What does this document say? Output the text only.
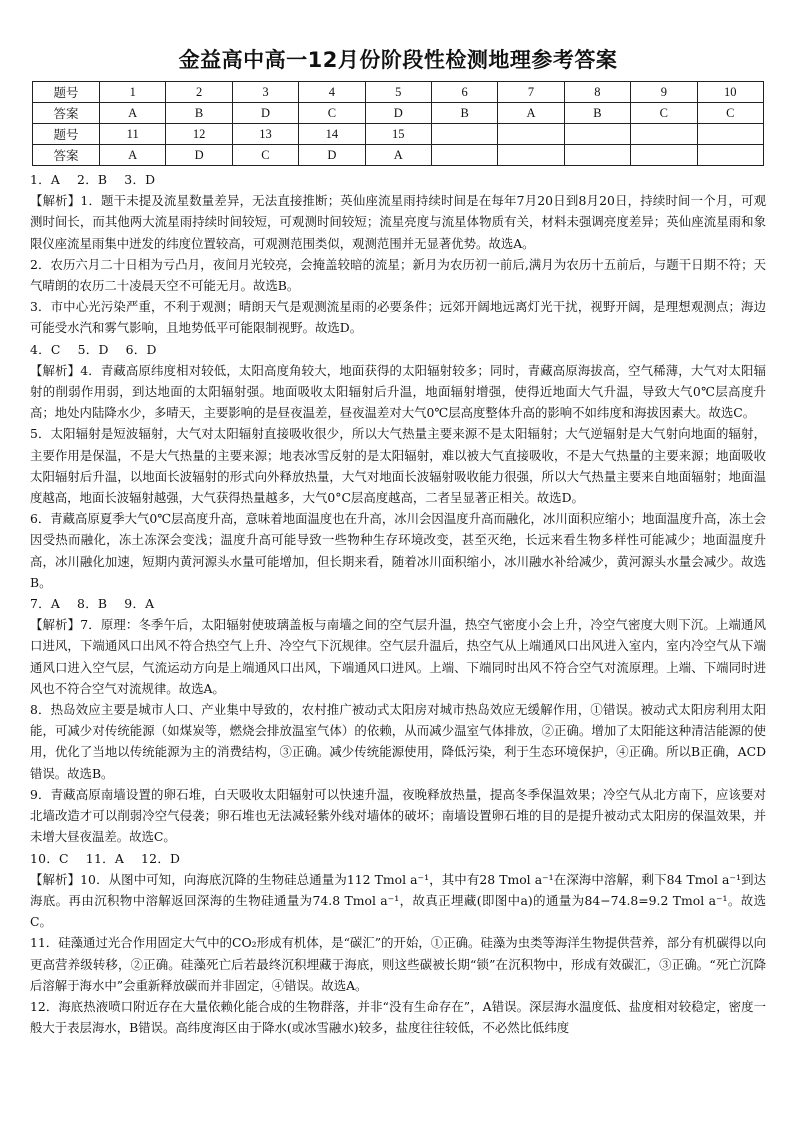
金益高中高一12月份阶段性检测地理参考答案
题号	1	2	3	4	5	6	7	8	9	10
答案	A	B	D	C	D	B	A	B	C	C
题号	11	12	13	14	15					
答案	A	D	C	D	A					

1．A　 2．B　 3．D

【解析】1．题干未提及流星数量差异，无法直接推断；英仙座流星雨持续时间是在每年7月20日到8月20日，持续时间一个月，可观测时间长，而其他两大流星雨持续时间较短，可观测时间较短；流星亮度与流星体物质有关，材料未强调亮度差异；英仙座流星雨和象限仪座流星雨集中迸发的纬度位置较高，可观测范围类似，观测范围并无显著优势。故选A。

2．农历六月二十日相为亏凸月，夜间月光较亮，会掩盖较暗的流星；新月为农历初一前后,满月为农历十五前后，与题干日期不符；天气晴朗的农历二十凌晨天空不可能无月。故选B。

3．市中心光污染严重，不利于观测；晴朗天气是观测流星雨的必要条件；远郊开阔地远离灯光干扰，视野开阔，是理想观测点；海边可能受水汽和雾气影响，且地势低平可能限制视野。故选D。

4．C　 5．D　 6．D

【解析】4．青藏高原纬度相对较低，太阳高度角较大，地面获得的太阳辐射较多；同时，青藏高原海拔高，空气稀薄，大气对太阳辐射的削弱作用弱，到达地面的太阳辐射强。地面吸收太阳辐射后升温，地面辐射增强，使得近地面大气升温，导致大气0℃层高度升高；地处内陆降水少，多晴天，主要影响的是昼夜温差，昼夜温差对大气0℃层高度整体升高的影响不如纬度和海拔因素大。故选C。

5．太阳辐射是短波辐射，大气对太阳辐射直接吸收很少，所以大气热量主要来源不是太阳辐射；大气逆辐射是大气射向地面的辐射，主要作用是保温，不是大气热量的主要来源；地表冰雪反射的是太阳辐射，难以被大气直接吸收，不是大气热量的主要来源；地面吸收太阳辐射后升温，以地面长波辐射的形式向外释放热量，大气对地面长波辐射吸收能力很强，所以大气热量主要来自地面辐射；地面温度越高，地面长波辐射越强，大气获得热量越多，大气0°C层高度越高，二者呈显著正相关。故选D。

6．青藏高原夏季大气0℃层高度升高，意味着地面温度也在升高，冰川会因温度升高而融化，冰川面积应缩小；地面温度升高，冻土会因受热而融化，冻土冻深会变浅；温度升高可能导致一些物种生存环境改变，甚至灭绝，长远来看生物多样性可能减少；地面温度升高，冰川融化加速，短期内黄河源头水量可能增加，但长期来看，随着冰川面积缩小，冰川融水补给减少，黄河源头水量会减少。故选B。

7．A　 8．B　 9．A

【解析】7．原理：冬季午后，太阳辐射使玻璃盖板与南墙之间的空气层升温，热空气密度小会上升，冷空气密度大则下沉。上端通风口进风，下端通风口出风不符合热空气上升、冷空气下沉规律。空气层升温后，热空气从上端通风口出风进入室内，室内冷空气从下端通风口进入空气层，气流运动方向是上端通风口出风，下端通风口进风。上端、下端同时出风不符合空气对流原理。上端、下端同时进风也不符合空气对流规律。故选A。

8．热岛效应主要是城市人口、产业集中导致的，农村推广被动式太阳房对城市热岛效应无缓解作用，①错误。被动式太阳房利用太阳能，可减少对传统能源（如煤炭等，燃烧会排放温室气体）的依赖，从而减少温室气体排放，②正确。增加了太阳能这种清洁能源的使用，优化了当地以传统能源为主的消费结构，③正确。减少传统能源使用，降低污染，利于生态环境保护，④正确。所以B正确，ACD错误。故选B。

9．青藏高原南墙设置的卵石堆，白天吸收太阳辐射可以快速升温，夜晚释放热量，提高冬季保温效果；冷空气从北方南下，应该要对北墙改造才可以削弱冷空气侵袭；卵石堆也无法减轻紫外线对墙体的破坏；南墙设置卵石堆的目的是提升被动式太阳房的保温效果，并未增大昼夜温差。故选C。

10．C　 11．A　 12．D

【解析】10．从图中可知，向海底沉降的生物硅总通量为112 Tmol a⁻¹，其中有28 Tmol a⁻¹在深海中溶解，剩下84 Tmol a⁻¹到达海底。再由沉积物中溶解返回深海的生物硅通量为74.8 Tmol a⁻¹，故真正埋藏(即图中a)的通量为84−74.8=9.2 Tmol a⁻¹。故选C。

11．硅藻通过光合作用固定大气中的CO₂形成有机体，是“碳汇”的开始，①正确。硅藻为虫类等海洋生物提供营养，部分有机碳得以向更高营养级转移，②正确。硅藻死亡后若最终沉积埋藏于海底，则这些碳被长期“锁”在沉积物中，形成有效碳汇，③正确。“死亡沉降后溶解于海水中”会重新释放碳而并非固定，④错误。故选A。

12．海底热液喷口附近存在大量依赖化能合成的生物群落，并非“没有生命存在”，A错误。深层海水温度低、盐度相对较稳定，密度一般大于表层海水，B错误。高纬度海区由于降水(或冰雪融水)较多，盐度往往较低，不必然比低纬度
